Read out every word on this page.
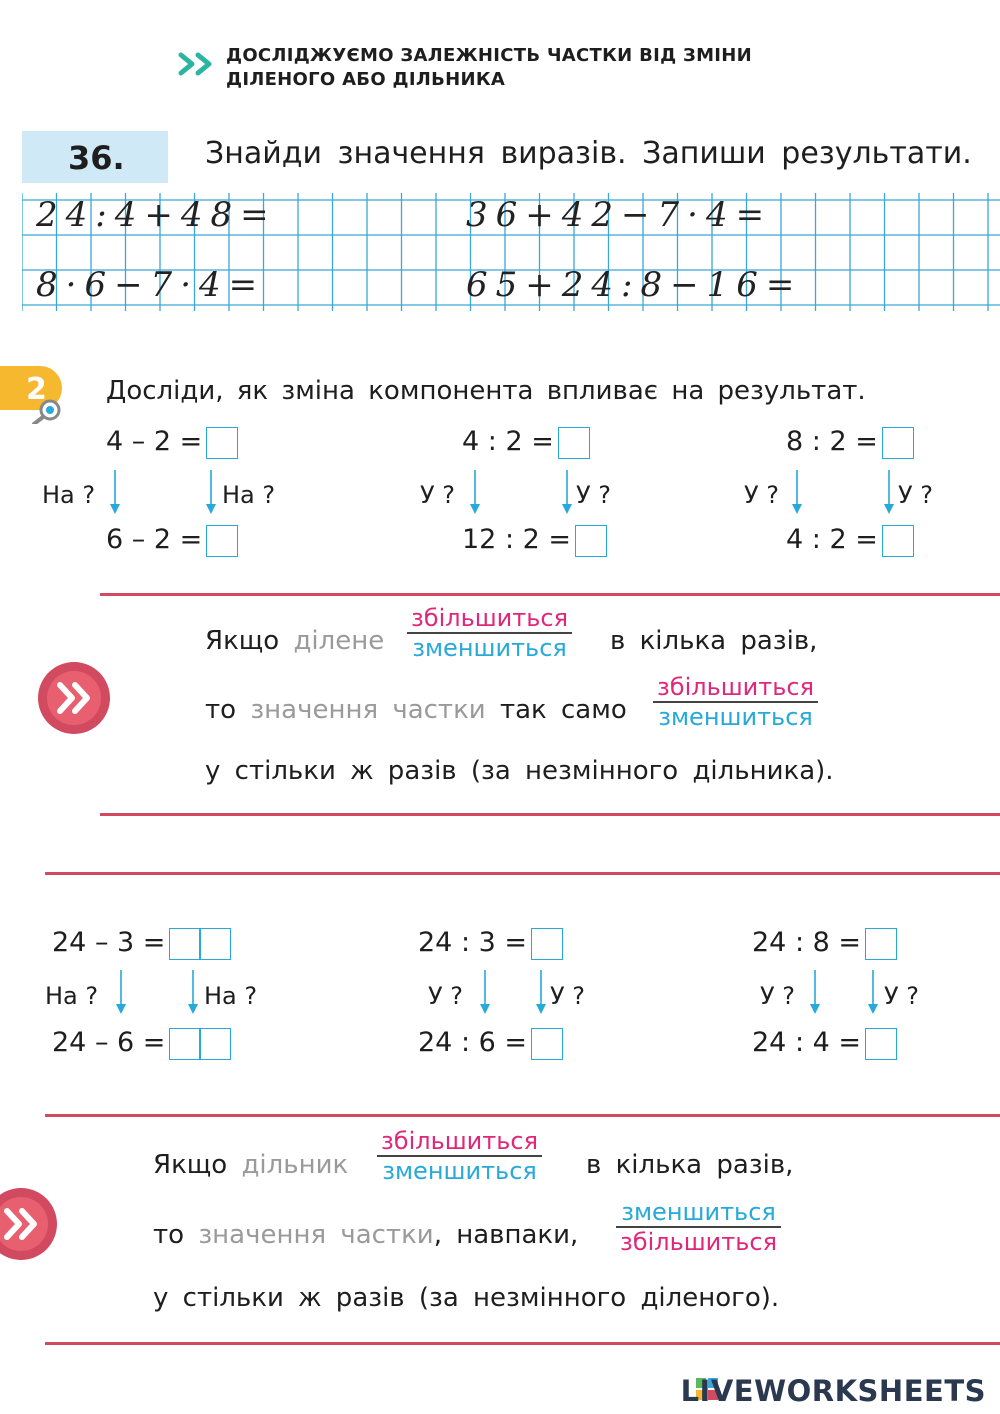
ДОСЛІДЖУЄМО ЗАЛЕЖНІСТЬ ЧАСТКИ ВІД ЗМІНИ
ДІЛЕНОГО АБО ДІЛЬНИКА
36.	Знайди значення виразів. Запиши результати.
24:4+48=	36+42−7·4=
8·6−7·4=	65+24:8−16=
2 Досліди, як зміна компонента впливає на результат.
4 – 2 =
На ?	На ?
6 – 2 =
4 : 2 =
У ?	У ?
12 : 2 =
8 : 2 =
У ?	У ?
4 : 2 =
Якщо ділене
збільшиться
зменшиться в кілька разів,
то значення частки так само
збільшиться
зменшиться
у стільки ж разів (за незмінного дільника).
24 – 3 =
На ?	На ?
24 – 6 =
24 : 3 =
У ?	У ?
24 : 6 =
24 : 8 =
У ?	У ?
24 : 4 =
Якщо дільник
збільшиться
зменшиться в кілька разів,
то значення частки, навпаки,
зменшиться
збільшиться
у стільки ж разів (за незмінного діленого).
LIVEWORKSHEETS
